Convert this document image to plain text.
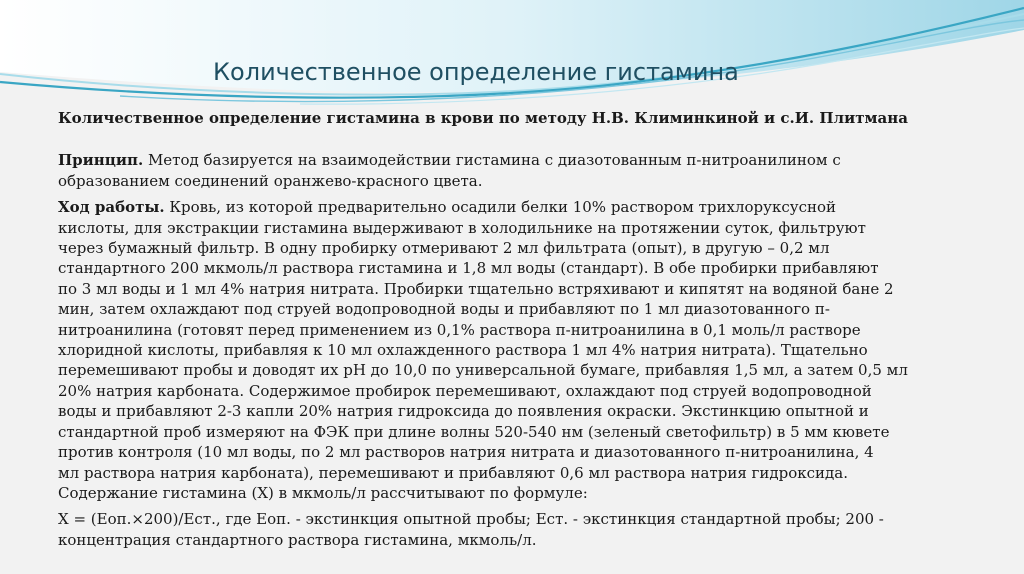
Количественное определение гистамина

Количественное определение гистамина в крови по методу Н.В. Климинкиной и с.И. Плитмана

Принцип. Метод базируется на взаимодействии гистамина с диазотованным п-нитроанилином с
образованием соединений оранжево-красного цвета.

Ход работы. Кровь, из которой предварительно осадили белки 10% раствором трихлоруксусной
кислоты, для экстракции гистамина выдерживают в холодильнике на протяжении суток, фильтруют
через бумажный фильтр. В одну пробирку отмеривают 2 мл фильтрата (опыт), в другую – 0,2 мл
стандартного 200 мкмоль/л раствора гистамина и 1,8 мл воды (стандарт). В обе пробирки прибавляют
по 3 мл воды и 1 мл 4% натрия нитрата. Пробирки тщательно встряхивают и кипятят на водяной бане 2
мин, затем охлаждают под струей водопроводной воды и прибавляют по 1 мл диазотованного п-
нитроанилина (готовят перед применением из 0,1% раствора п-нитроанилина в 0,1 моль/л растворе
хлоридной кислоты, прибавляя к 10 мл охлажденного раствора 1 мл 4% натрия нитрата). Тщательно
перемешивают пробы и доводят их pH до 10,0 по универсальной бумаге, прибавляя 1,5 мл, а затем 0,5 мл
20% натрия карбоната. Содержимое пробирок перемешивают, охлаждают под струей водопроводной
воды и прибавляют 2-3 капли 20% натрия гидроксида до появления окраски. Экстинкцию опытной и
стандартной проб измеряют на ФЭК при длине волны 520-540 нм (зеленый светофильтр) в 5 мм кювете
против контроля (10 мл воды, по 2 мл растворов натрия нитрата и диазотованного п-нитроанилина, 4
мл раствора натрия карбоната), перемешивают и прибавляют 0,6 мл раствора натрия гидроксида.
Содержание гистамина (Х) в мкмоль/л рассчитывают по формуле:

Х = (Еоп.×200)/Ест., где Еоп. - экстинкция опытной пробы; Ест. - экстинкция стандартной пробы; 200 -
концентрация стандартного раствора гистамина, мкмоль/л.
